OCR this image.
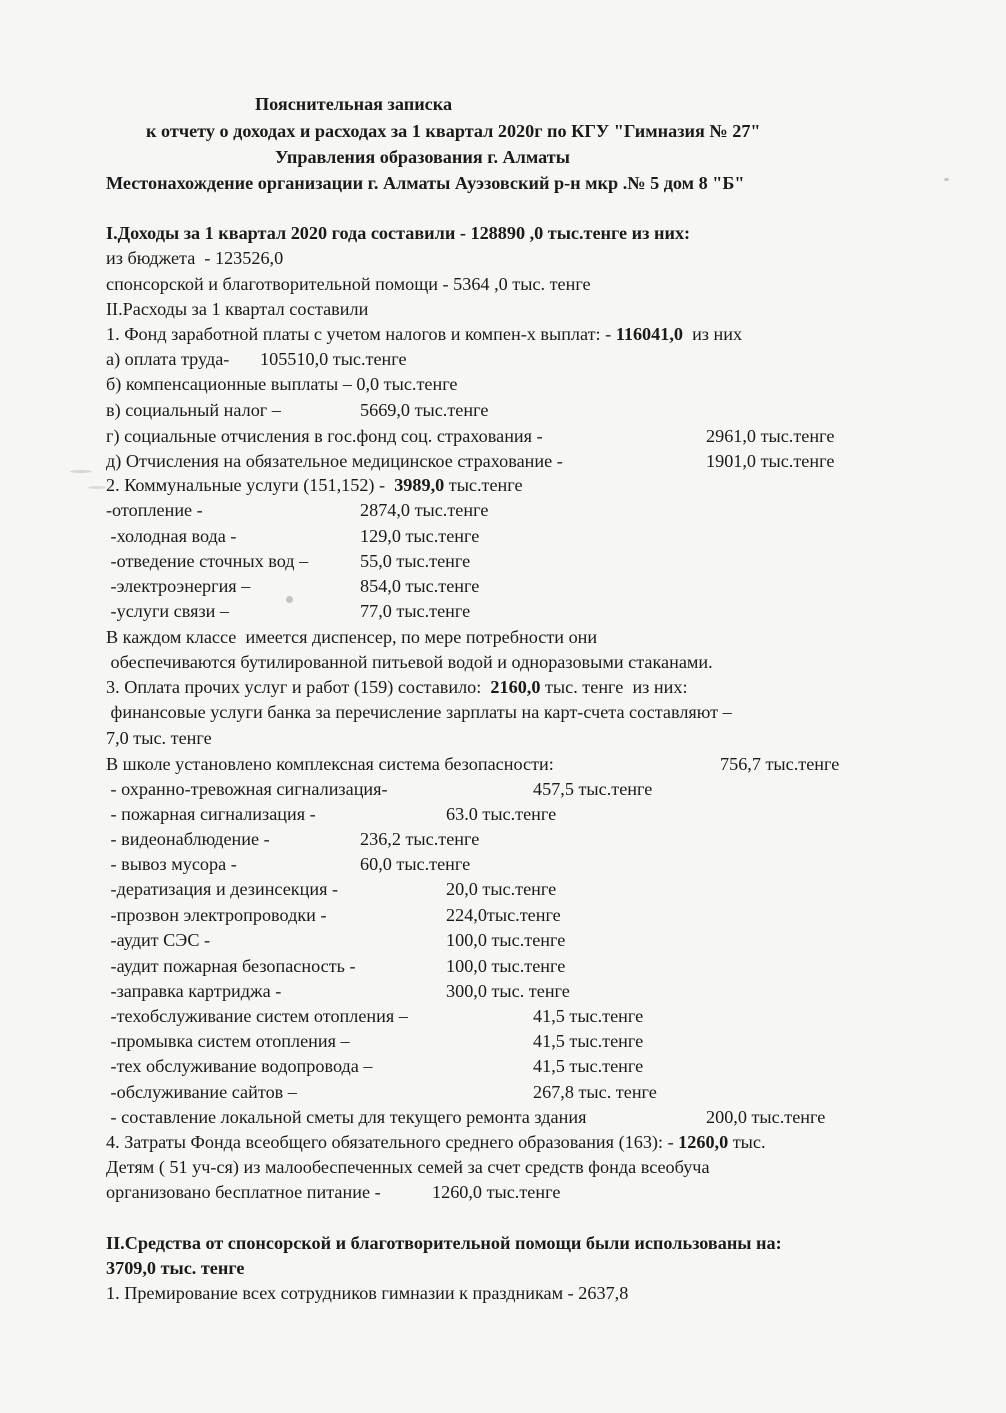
Пояснительная записка
к отчету о доходах и расходах за 1 квартал 2020г по КГУ "Гимназия № 27"
Управления образования г. Алматы
Местонахождение организации г. Алматы Ауэзовский р-н мкр .№ 5 дом 8 "Б"
I.Доходы за 1 квартал 2020 года составили - 128890 ,0 тыс.тенге из них:
из бюджета  - 123526,0
спонсорской и благотворительной помощи - 5364 ,0 тыс. тенге
II.Расходы за 1 квартал составили
1. Фонд заработной платы с учетом налогов и компен-х выплат: - 116041,0  из них
а) оплата труда- 105510,0 тыс.тенге
б) компенсационные выплаты – 0,0 тыс.тенге
в) социальный налог –	5669,0 тыс.тенге
г) социальные отчисления в гос.фонд соц. страхования -	2961,0 тыс.тенге
д) Отчисления на обязательное медицинское страхование -	1901,0 тыс.тенге
2. Коммунальные услуги (151,152) -  3989,0 тыс.тенге
-отопление -	2874,0 тыс.тенге
-холодная вода -	129,0 тыс.тенге
-отведение сточных вод –	55,0 тыс.тенге
-электроэнергия –	854,0 тыс.тенге
-услуги связи –	77,0 тыс.тенге
В каждом классе  имеется диспенсер, по мере потребности они
обеспечиваются бутилированной питьевой водой и одноразовыми стаканами.
3. Оплата прочих услуг и работ (159) составило:  2160,0 тыс. тенге  из них:
финансовые услуги банка за перечисление зарплаты на карт-счета составляют –
7,0 тыс. тенге
В школе установлено комплексная система безопасности:	756,7 тыс.тенге
- охранно-тревожная сигнализация-	457,5 тыс.тенге
- пожарная сигнализация -	63.0 тыс.тенге
- видеонаблюдение -	236,2 тыс.тенге
- вывоз мусора -	60,0 тыс.тенге
-дератизация и дезинсекция -	20,0 тыс.тенге
-прозвон электропроводки -	224,0тыс.тенге
-аудит СЭС -	100,0 тыс.тенге
-аудит пожарная безопасность -	100,0 тыс.тенге
-заправка картриджа -	300,0 тыс. тенге
-техобслуживание систем отопления –	41,5 тыс.тенге
-промывка систем отопления –	41,5 тыс.тенге
-тех обслуживание водопровода –	41,5 тыс.тенге
-обслуживание сайтов –	267,8 тыс. тенге
- составление локальной сметы для текущего ремонта здания	200,0 тыс.тенге
4. Затраты Фонда всеобщего обязательного среднего образования (163): - 1260,0 тыс.
Детям ( 51 уч-ся) из малообеспеченных семей за счет средств фонда всеобуча
организовано бесплатное питание -	1260,0 тыс.тенге
II.Средства от спонсорской и благотворительной помощи были использованы на:
3709,0 тыс. тенге
1. Премирование всех сотрудников гимназии к праздникам - 2637,8
